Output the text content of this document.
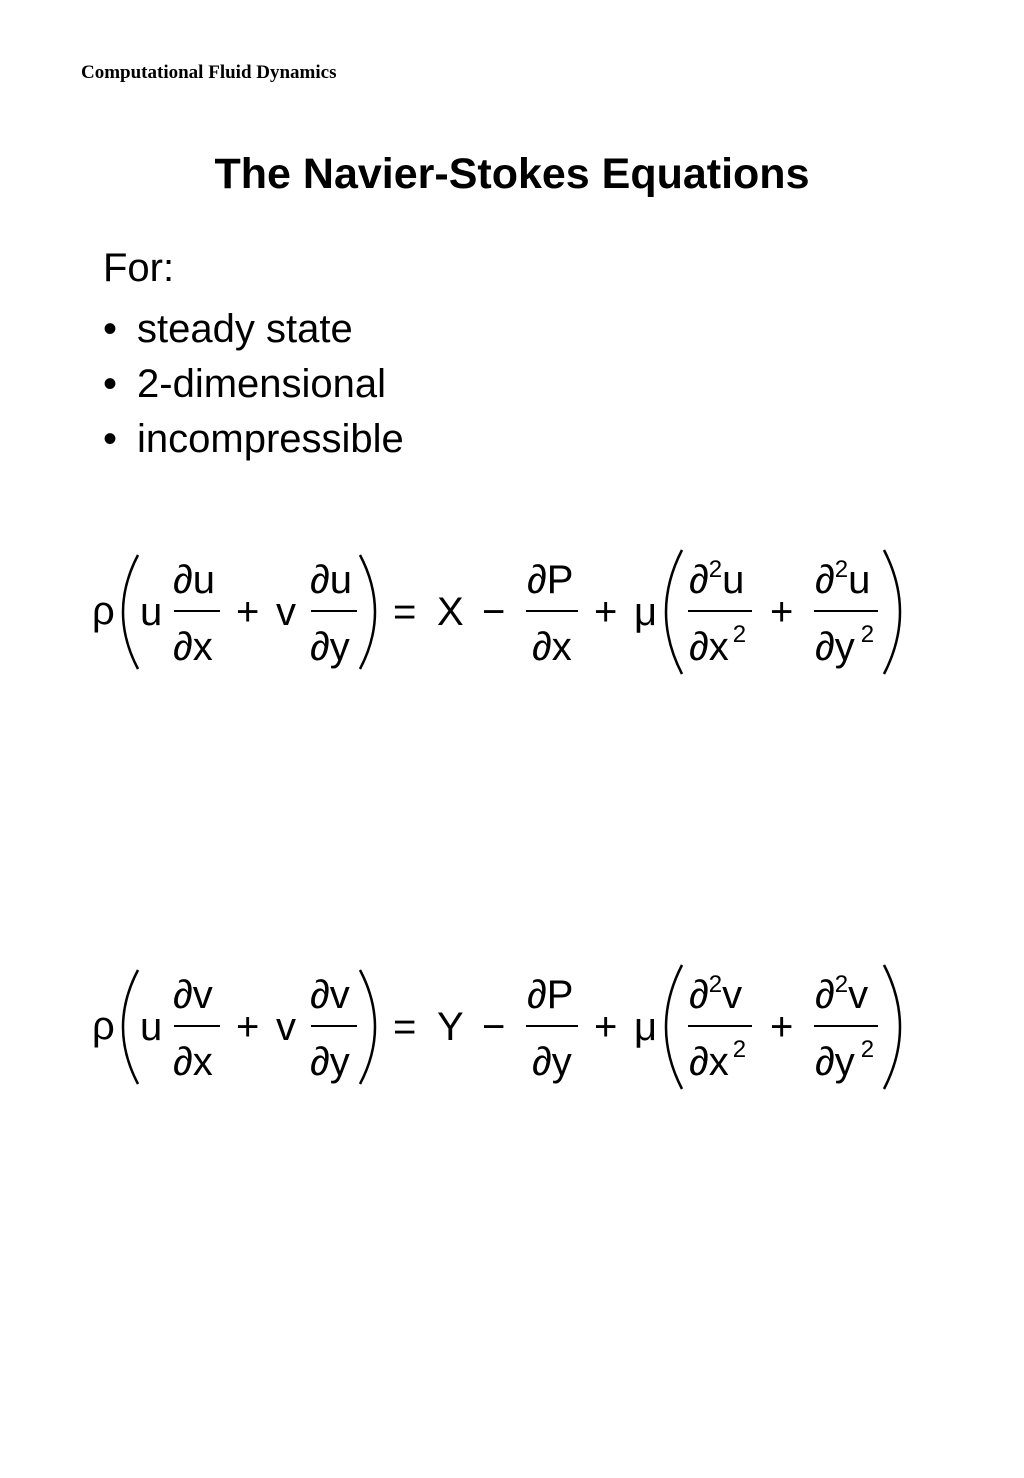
Computational Fluid Dynamics
The Navier-Stokes Equations
For:
• steady state
• 2-dimensional
• incompressible
ρ u
∂u
∂x
+ v
∂u
∂y
= X −
∂P
∂x
+ μ
∂$^2$u
∂x $^2$
+
∂$^2$u
∂y $^2$
ρ u
∂v
∂x
+ v
∂v
∂y
= Y −
∂P
∂y
+ μ
∂$^2$v
∂x $^2$
+
∂$^2$v
∂y $^2$
